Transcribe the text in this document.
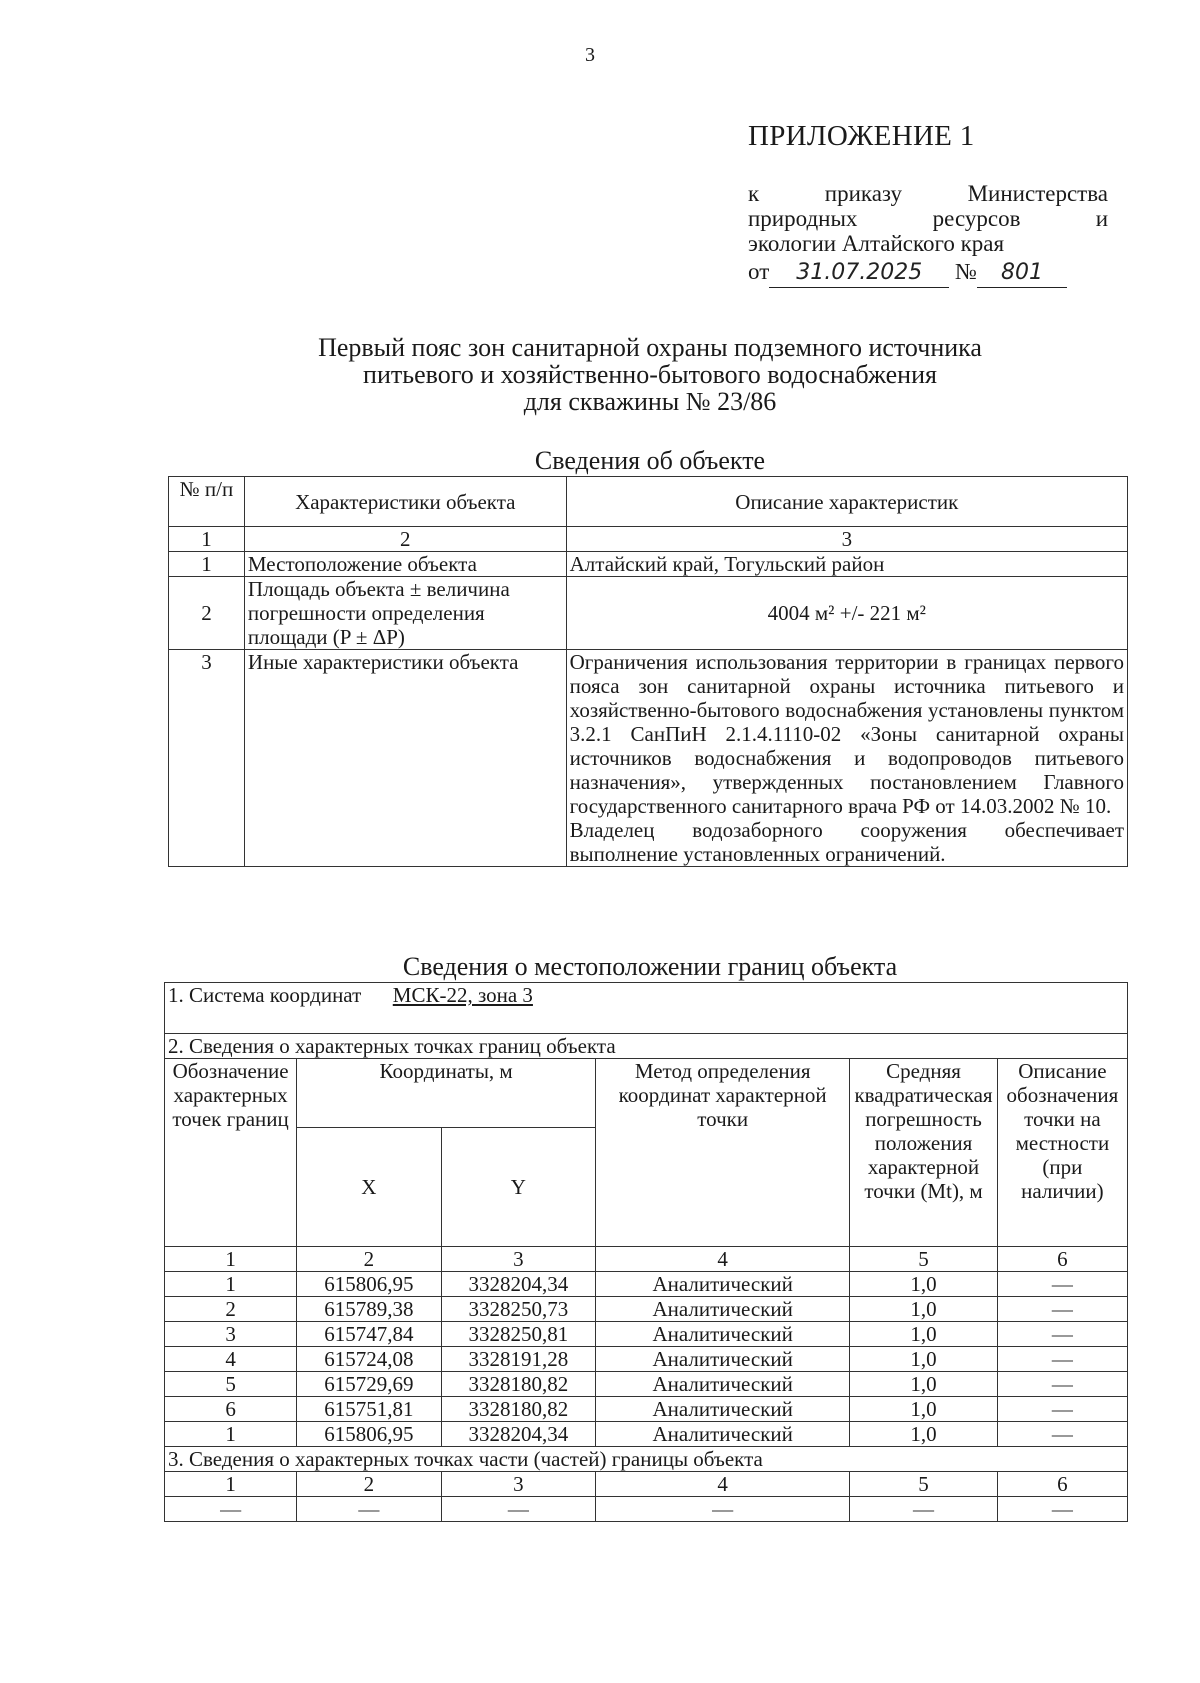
3
ПРИЛОЖЕНИЕ 1
к	приказу	Министерства
природных	ресурсов	и
экологии Алтайского края
от 31.07.2025 № 801
Первый пояс зон санитарной охраны подземного источника
питьевого и хозяйственно-бытового водоснабжения
для скважины № 23/86
Сведения об объекте
№ п/п	Характеристики объекта	Описание характеристик
1	2	3
1	Местоположение объекта	Алтайский край, Тогульский район
2	Площадь объекта ± величина погрешности определения площади (P ± ΔP)	4004 м² +/- 221 м²
3	Иные характеристики объекта	Ограничения использования территории в границах первого пояса зон санитарной охраны источника питьевого и хозяйственно-бытового водоснабжения установлены пунктом 3.2.1 СанПиН 2.1.4.1110-02 «Зоны санитарной охраны источников водоснабжения и водопроводов питьевого назначения», утвержденных постановлением Главного государственного санитарного врача РФ от 14.03.2002 № 10.
Владелец водозаборного сооружения обеспечивает выполнение установленных ограничений.
Сведения о местоположении границ объекта
1. Система координат МСК-22, зона 3					

2. Сведения о характерных точках границ объекта					
Обозначение характерных точек границ	Координаты, м		Метод определения координат характерной точки	Средняя квадратическая погрешность положения характерной точки (Mt), м	Описание обозначения точки на местности (при наличии)
	X	Y			
1	2	3	4	5	6
1	615806,95	3328204,34	Аналитический	1,0	—
2	615789,38	3328250,73	Аналитический	1,0	—
3	615747,84	3328250,81	Аналитический	1,0	—
4	615724,08	3328191,28	Аналитический	1,0	—
5	615729,69	3328180,82	Аналитический	1,0	—
6	615751,81	3328180,82	Аналитический	1,0	—
1	615806,95	3328204,34	Аналитический	1,0	—
3. Сведения о характерных точках части (частей) границы объекта					
1	2	3	4	5	6
—	—	—	—	—	—
